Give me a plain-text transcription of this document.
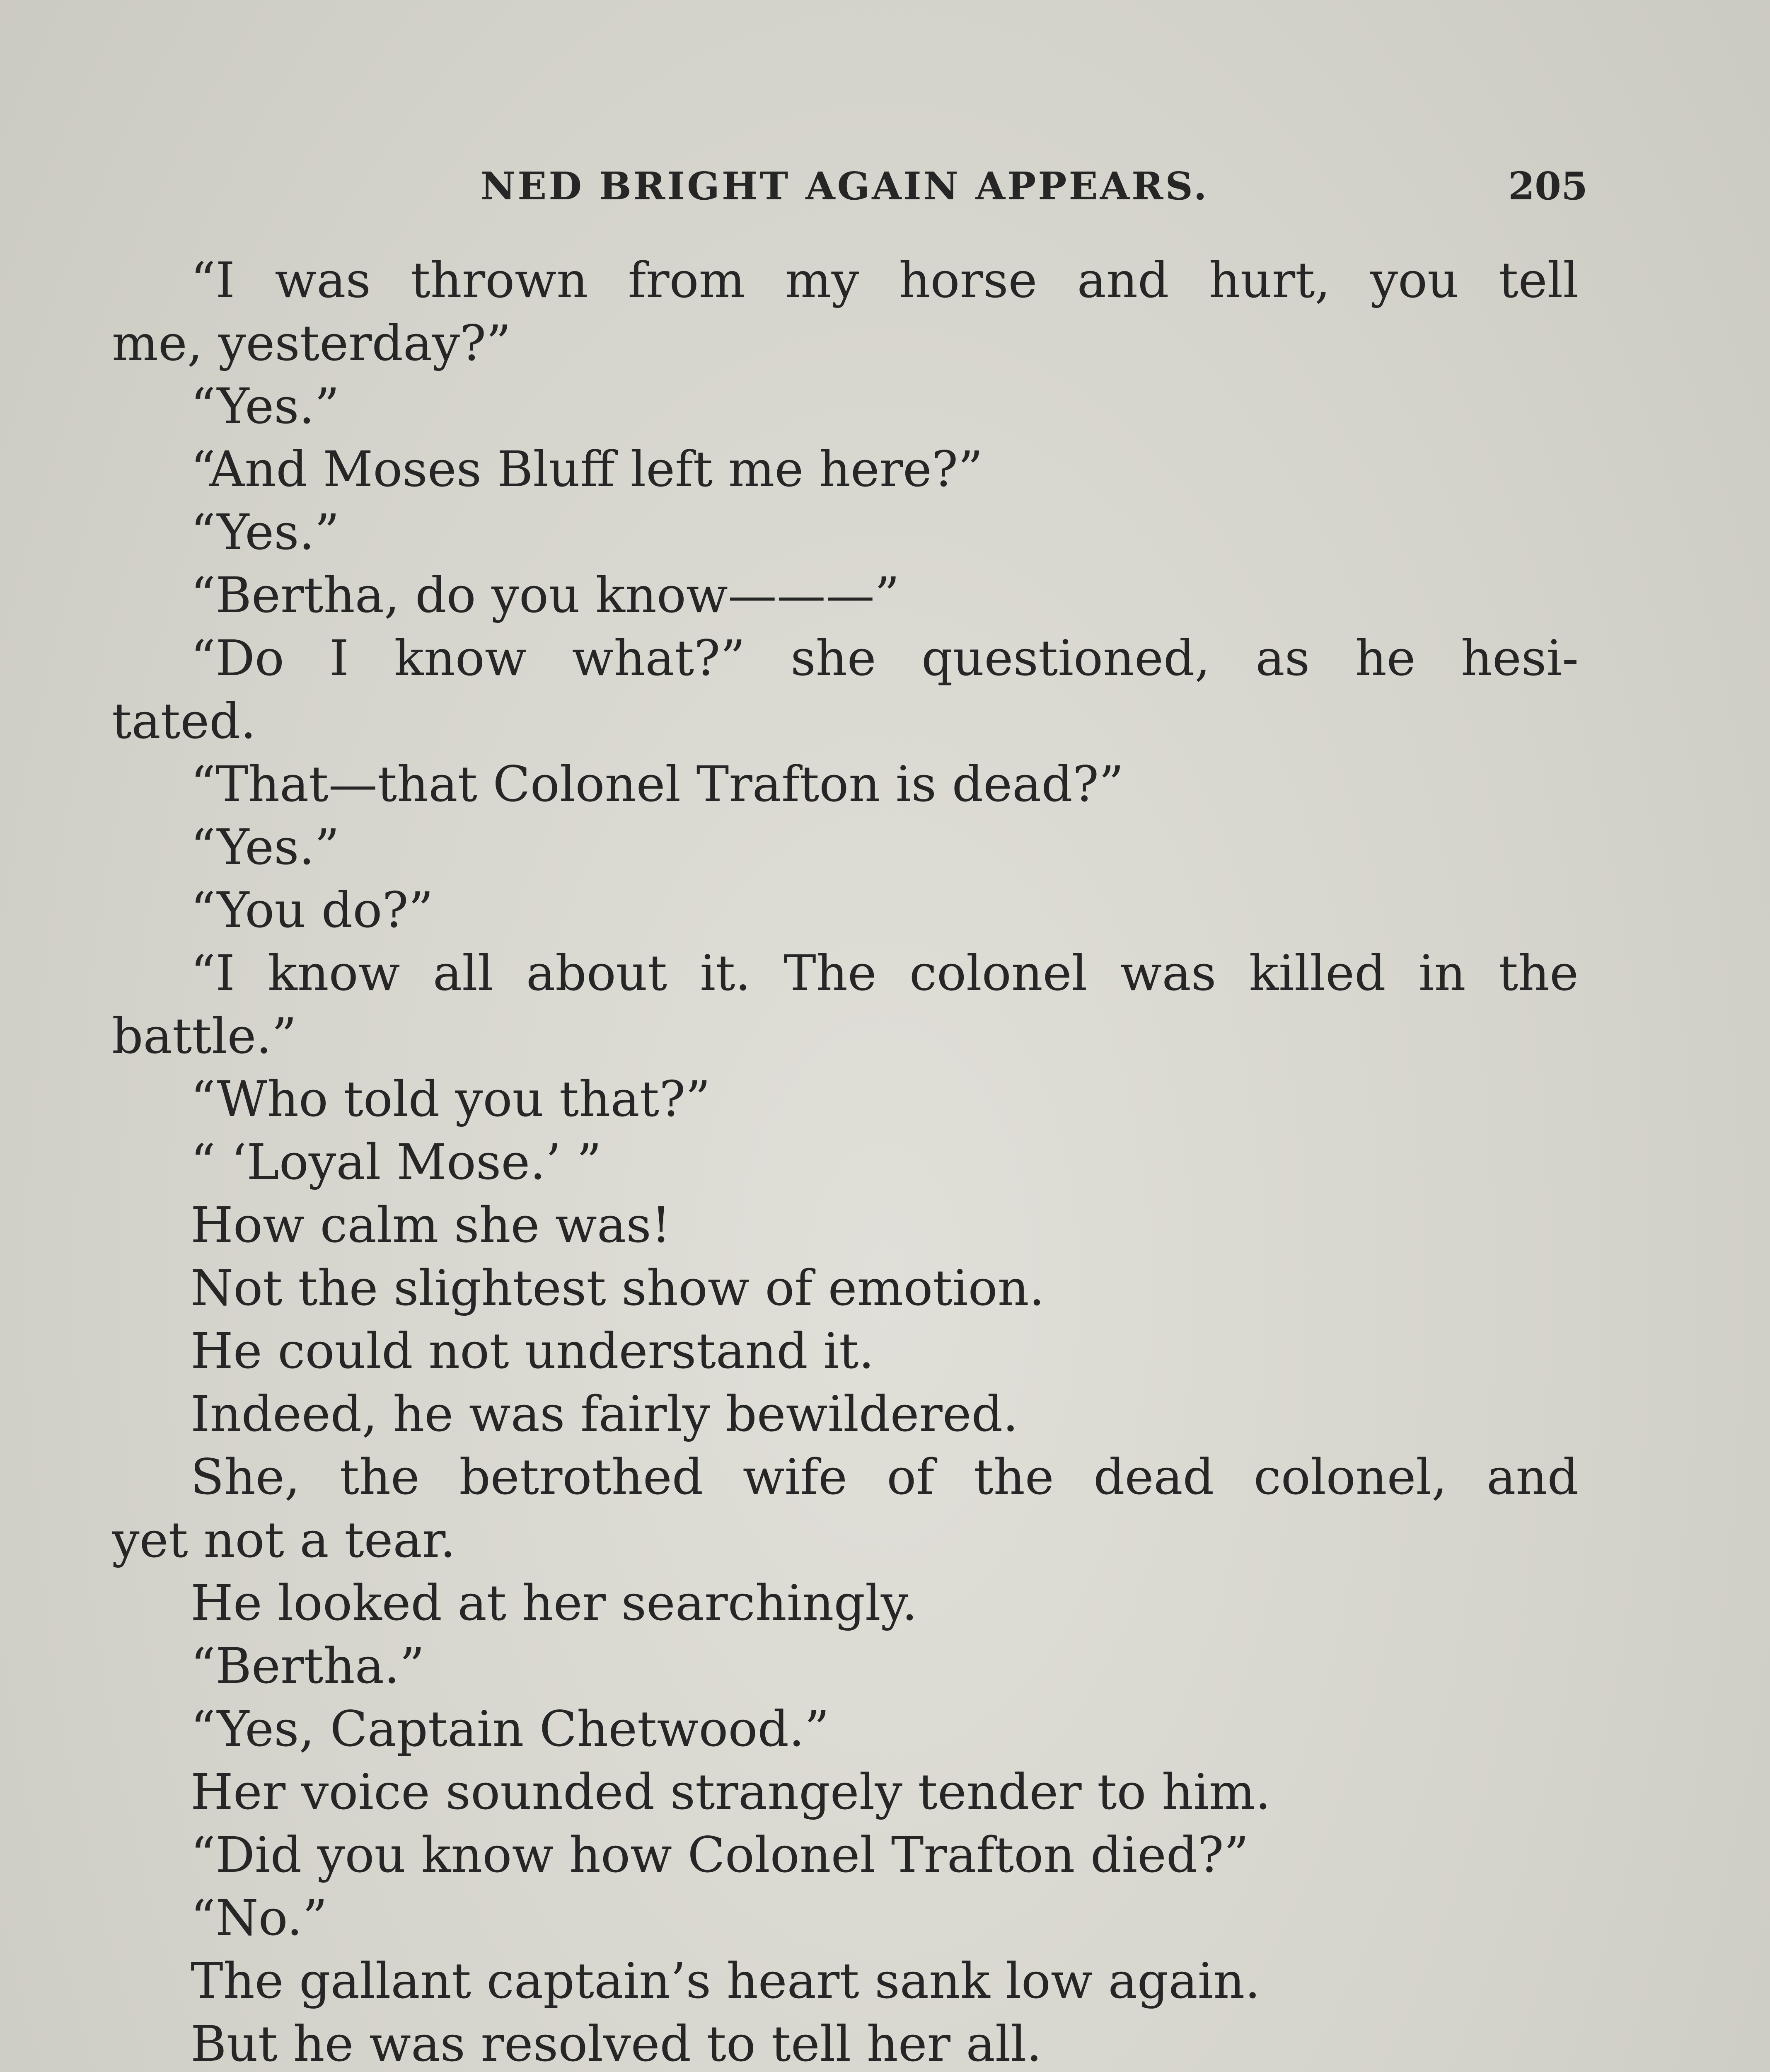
NED BRIGHT AGAIN APPEARS.	205
“I was thrown from my horse and hurt, you tell
me, yesterday?”
“Yes.”
“And Moses Bluff left me here?”
“Yes.”
“Bertha, do you know———”
“Do I know what?” she questioned, as he hesi-
tated.
“That—that Colonel Trafton is dead?”
“Yes.”
“You do?”
“I know all about it. The colonel was killed in the
battle.”
“Who told you that?”
“ ‘Loyal Mose.’ ”
How calm she was!
Not the slightest show of emotion.
He could not understand it.
Indeed, he was fairly bewildered.
She, the betrothed wife of the dead colonel, and
yet not a tear.
He looked at her searchingly.
“Bertha.”
“Yes, Captain Chetwood.”
Her voice sounded strangely tender to him.
“Did you know how Colonel Trafton died?”
“No.”
The gallant captain’s heart sank low again.
But he was resolved to tell her all.
